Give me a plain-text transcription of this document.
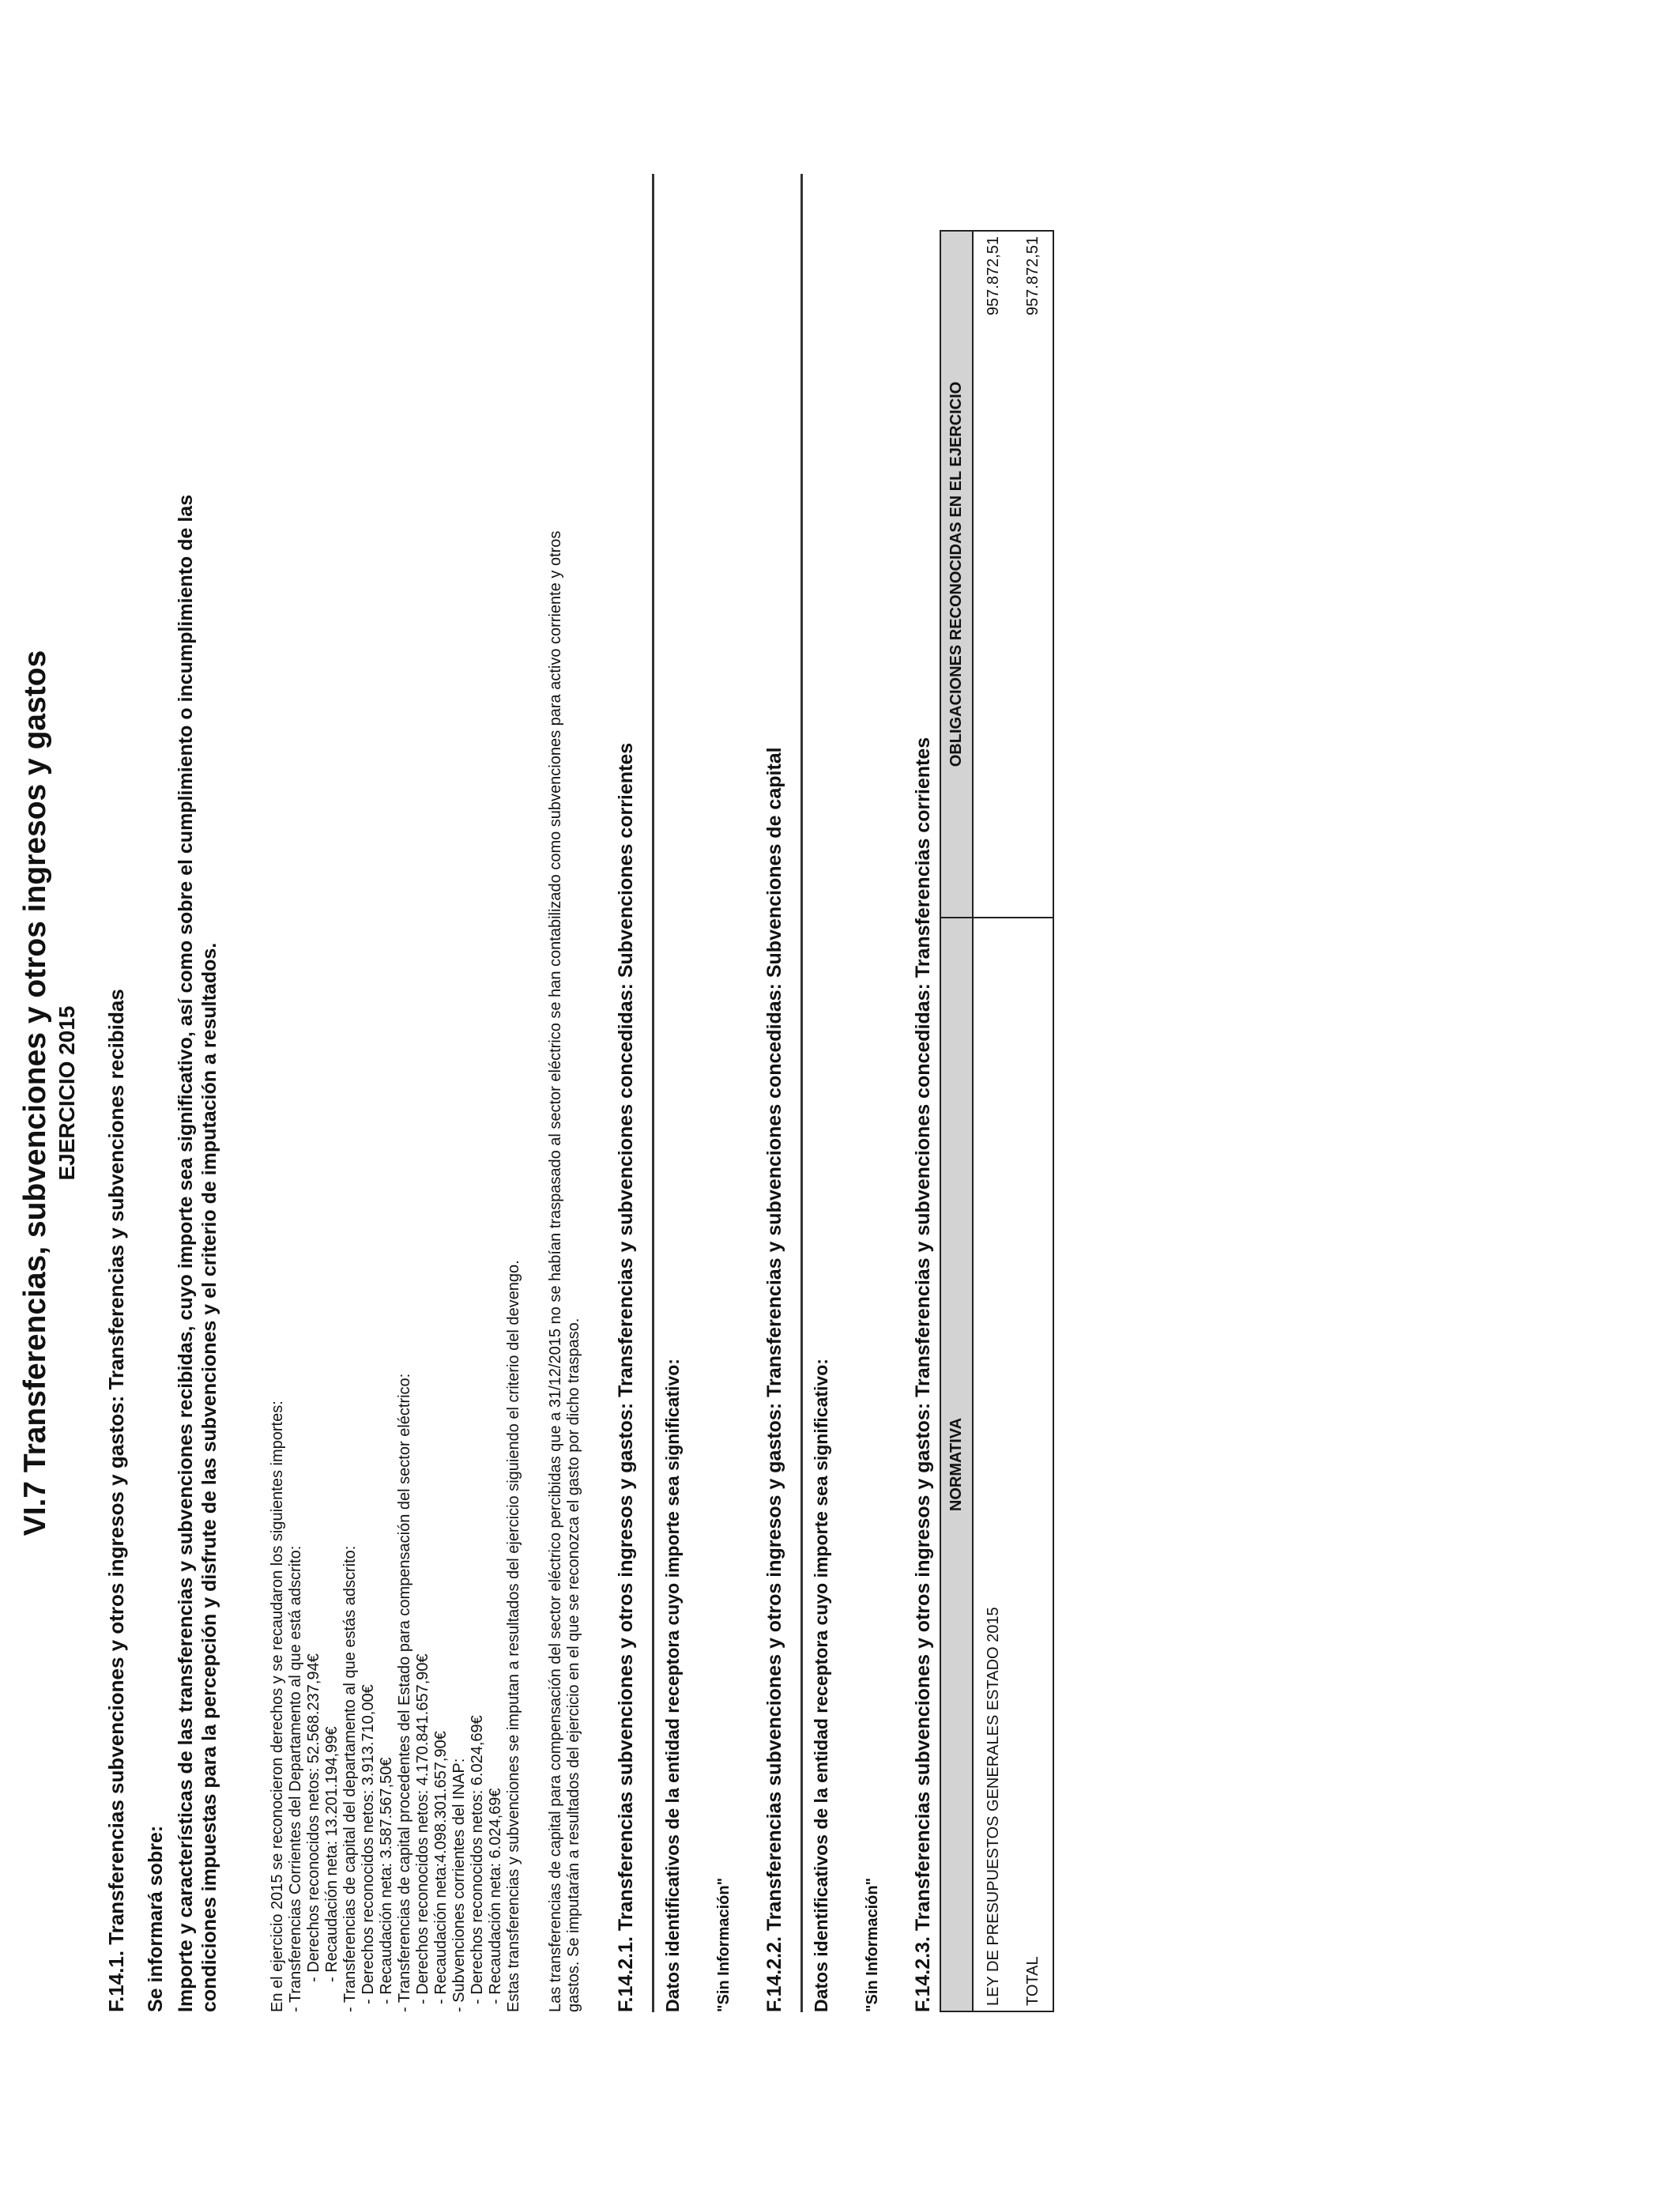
VI.7 Transferencias, subvenciones y otros ingresos y gastos EJERCICIO 2015 F.14.1. Transferencias subvenciones y otros ingresos y gastos: Transferencias y subvenciones recibidas Se informará sobre: Importe y características de las transferencias y subvenciones recibidas, cuyo importe sea significativo, así como sobre el cumplimiento o incumplimiento de las condiciones impuestas para la percepción y disfrute de las subvenciones y el criterio de imputación a resultados.	En el ejercicio 2015 se reconocieron derechos y se recaudaron los siguientes importes: - Transferencias Corrientes del Departamento al que está adscrito: - Derechos reconocidos netos: 52.568.237,94€ - Recaudación neta: 13.201.194,99€ - Transferencias de capital del departamento al que estás adscrito: - Derechos reconocidos netos: 3.913.710,00€ - Recaudación neta: 3.587.567,50€ - Transferencias de capital procedentes del Estado para compensación del sector eléctrico: - Derechos reconocidos netos: 4.170.841.657,90€ - Recaudación neta:4.098.301.657,90€ - Subvenciones corrientes del INAP: - Derechos reconocidos netos: 6.024,69€ - Recaudación neta: 6.024,69€ Estas transferencias y subvenciones se imputan a resultados del ejercicio siguiendo el criterio del devengo. Las transferencias de capital para compensación del sector eléctrico percibidas que a 31/12/2015 no se habían traspasado al sector eléctrico se han contabilizado como subvenciones para activo corriente y otros gastos. Se imputarán a resultados del ejercicio en el que se reconozca el gasto por dicho traspaso. F.14.2.1. Transferencias subvenciones y otros ingresos y gastos: Transferencias y subvenciones concedidas: Subvenciones corrientes Datos identificativos de la entidad receptora cuyo importe sea significativo: "Sin Información" F.14.2.2. Transferencias subvenciones y otros ingresos y gastos: Transferencias y subvenciones concedidas: Subvenciones de capital Datos identificativos de la entidad receptora cuyo importe sea significativo: "Sin Información" F.14.2.3. Transferencias subvenciones y otros ingresos y gastos: Transferencias y subvenciones concedidas: Transferencias corrientes NORMATIVA	OBLIGACIONES RECONOCIDAS EN EL EJERCICIO
LEY DE PRESUPUESTOS GENERALES ESTADO 2015	957.872,51
TOTAL	957.872,51
